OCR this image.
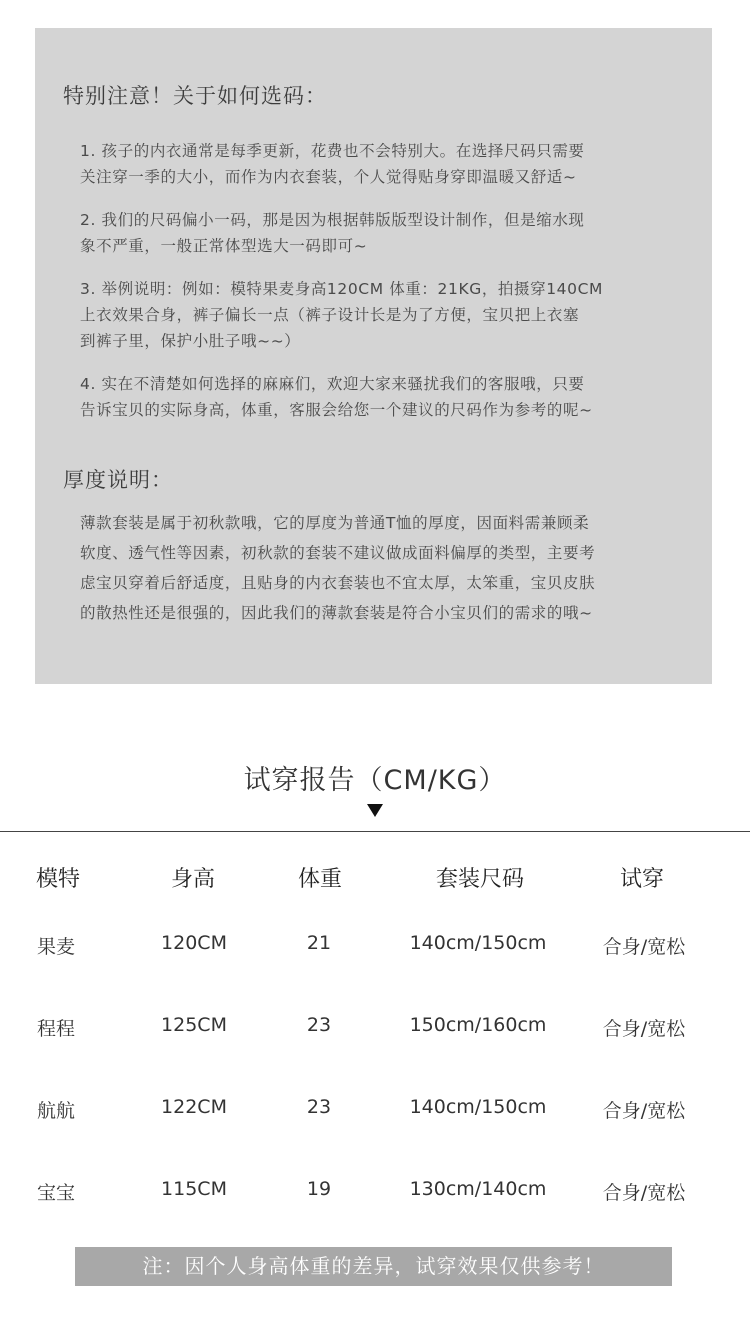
特别注意！关于如何选码：
1. 孩子的内衣通常是每季更新，花费也不会特别大。在选择尺码只需要
关注穿一季的大小，而作为内衣套装，个人觉得贴身穿即温暖又舒适~
2. 我们的尺码偏小一码，那是因为根据韩版版型设计制作，但是缩水现
象不严重，一般正常体型选大一码即可~
3. 举例说明：例如：模特果麦身高120CM 体重：21KG，拍摄穿140CM
上衣效果合身，裤子偏长一点（裤子设计长是为了方便，宝贝把上衣塞
到裤子里，保护小肚子哦~~）
4. 实在不清楚如何选择的麻麻们，欢迎大家来骚扰我们的客服哦，只要
告诉宝贝的实际身高，体重，客服会给您一个建议的尺码作为参考的呢~
厚度说明：
薄款套装是属于初秋款哦，它的厚度为普通T恤的厚度，因面料需兼顾柔
软度、透气性等因素，初秋款的套装不建议做成面料偏厚的类型，主要考
虑宝贝穿着后舒适度，且贴身的内衣套装也不宜太厚，太笨重，宝贝皮肤
的散热性还是很强的，因此我们的薄款套装是符合小宝贝们的需求的哦~
试穿报告（CM/KG）
模特	身高	体重	套装尺码	试穿
果麦	120CM	21	140cm/150cm	合身/宽松
程程	125CM	23	150cm/160cm	合身/宽松
航航	122CM	23	140cm/150cm	合身/宽松
宝宝	115CM	19	130cm/140cm	合身/宽松
注：因个人身高体重的差异，试穿效果仅供参考！
